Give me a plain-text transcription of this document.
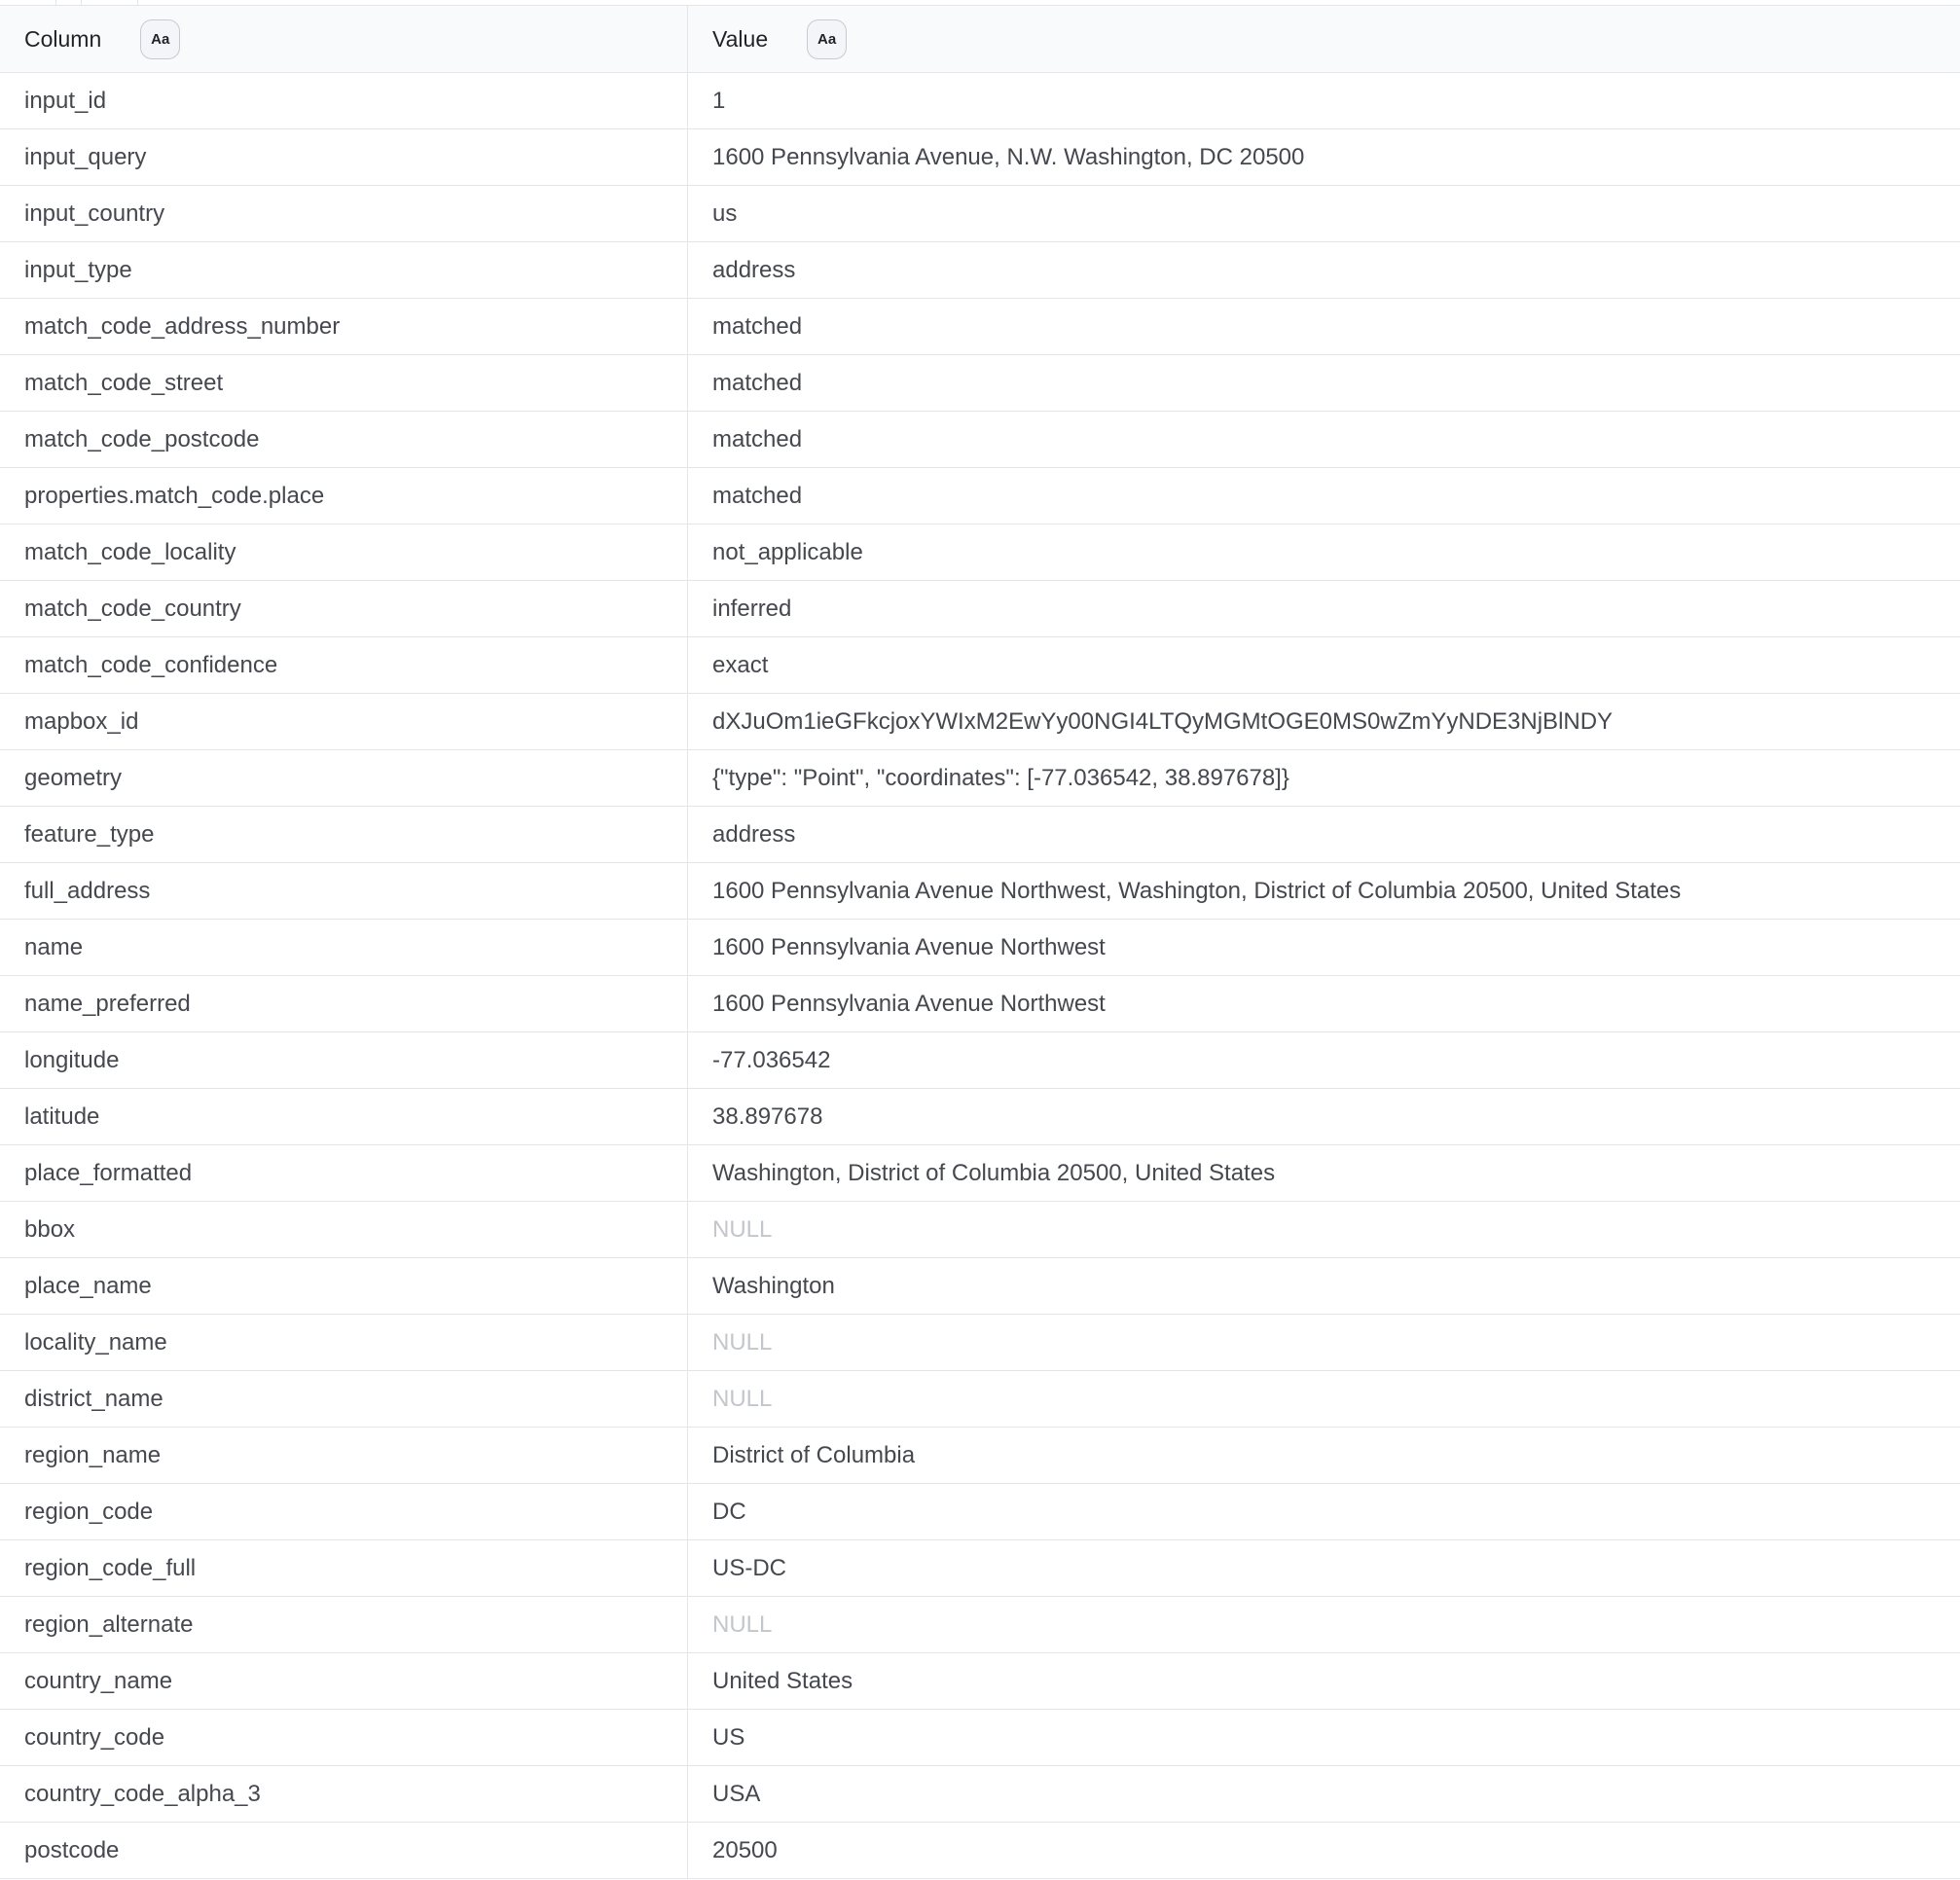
Column	Aa	Value	Aa
input_id	1
input_query	1600 Pennsylvania Avenue, N.W. Washington, DC 20500
input_country	us
input_type	address
match_code_address_number	matched
match_code_street	matched
match_code_postcode	matched
properties.match_code.place	matched
match_code_locality	not_applicable
match_code_country	inferred
match_code_confidence	exact
mapbox_id	dXJuOm1ieGFkcjoxYWIxM2EwYy00NGI4LTQyMGMtOGE0MS0wZmYyNDE3NjBlNDY
geometry	{"type": "Point", "coordinates": [-77.036542, 38.897678]}
feature_type	address
full_address	1600 Pennsylvania Avenue Northwest, Washington, District of Columbia 20500, United States
name	1600 Pennsylvania Avenue Northwest
name_preferred	1600 Pennsylvania Avenue Northwest
longitude	-77.036542
latitude	38.897678
place_formatted	Washington, District of Columbia 20500, United States
bbox	NULL
place_name	Washington
locality_name	NULL
district_name	NULL
region_name	District of Columbia
region_code	DC
region_code_full	US-DC
region_alternate	NULL
country_name	United States
country_code	US
country_code_alpha_3	USA
postcode	20500
